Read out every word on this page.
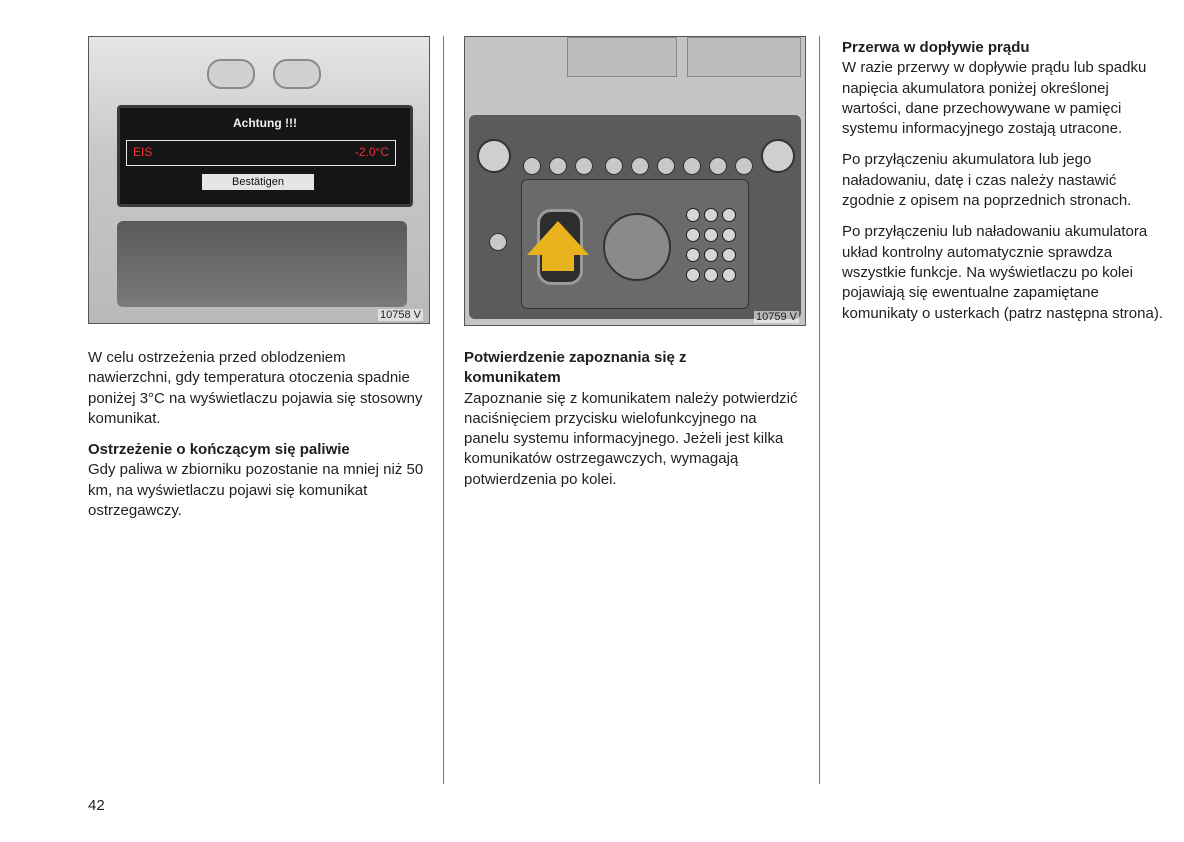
Achtung !!!
EIS	-2.0°C
Bestätigen
10758 V	10759 V

W celu ostrzeżenia przed oblodzeniem nawierzchni, gdy temperatura otoczenia spadnie poniżej 3°C na wyświetlaczu pojawia się stosowny komunikat.

Ostrzeżenie o kończącym się paliwie

Gdy paliwa w zbiorniku pozostanie na mniej niż 50 km, na wyświetlaczu pojawi się komunikat ostrzegawczy.

Potwierdzenie zapoznania się z komunikatem

Zapoznanie się z komunikatem należy potwierdzić naciśnięciem przycisku wielofunkcyjnego na panelu systemu informacyjnego. Jeżeli jest kilka komunikatów ostrzegawczych, wymagają potwierdzenia po kolei.

Przerwa w dopływie prądu

W razie przerwy w dopływie prądu lub spadku napięcia akumulatora poniżej określonej wartości, dane przechowywane w pamięci systemu informacyjnego zostają utracone.

Po przyłączeniu akumulatora lub jego naładowaniu, datę i czas należy nastawić zgodnie z opisem na poprzednich stronach.

Po przyłączeniu lub naładowaniu akumulatora układ kontrolny automatycznie sprawdza wszystkie funkcje. Na wyświetlaczu po kolei pojawiają się ewentualne zapamiętane komunikaty o usterkach (patrz następna strona).

42
